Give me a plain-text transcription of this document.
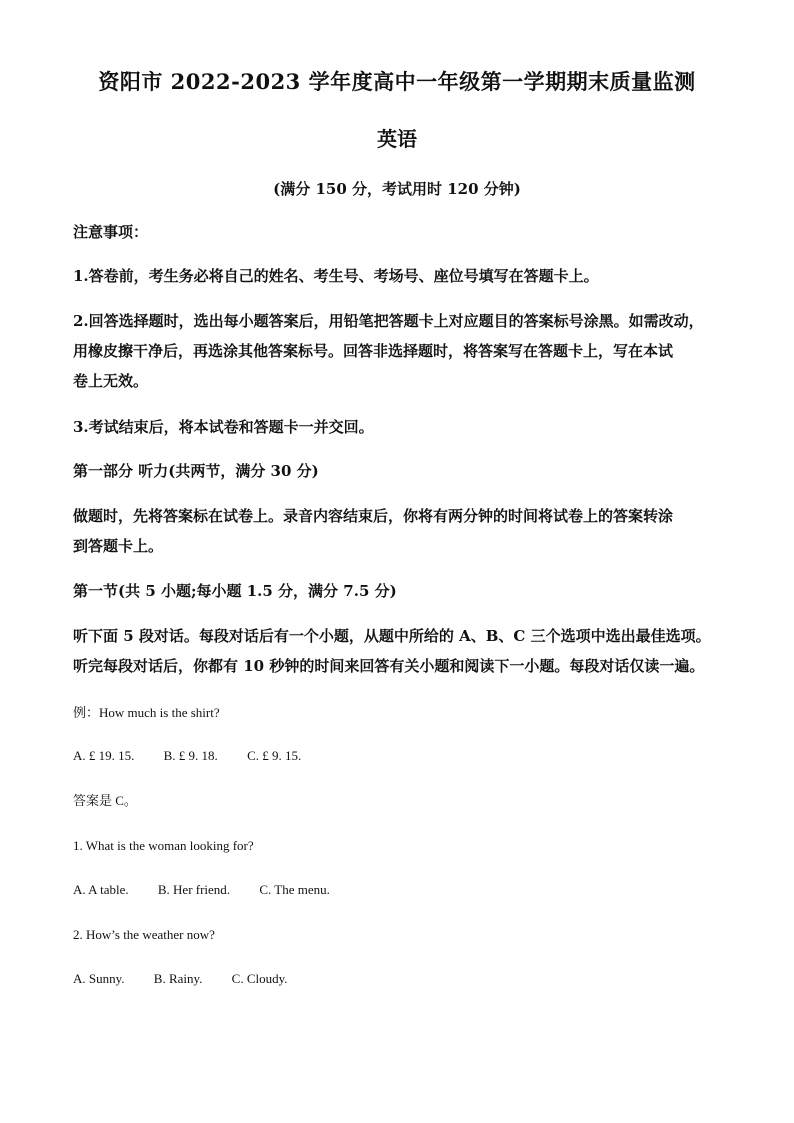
资阳市 2022-2023 学年度高中一年级第一学期期末质量监测
英语
(满分 150 分，考试用时 120 分钟)
注意事项：
1.答卷前，考生务必将自己的姓名、考生号、考场号、座位号填写在答题卡上。
2.回答选择题时，选出每小题答案后，用铅笔把答题卡上对应题目的答案标号涂黑。如需改动，
用橡皮擦干净后，再选涂其他答案标号。回答非选择题时，将答案写在答题卡上，写在本试
卷上无效。
3.考试结束后，将本试卷和答题卡一并交回。
第一部分 听力(共两节，满分 30 分)
做题时，先将答案标在试卷上。录音内容结束后，你将有两分钟的时间将试卷上的答案转涂
到答题卡上。
第一节(共 5 小题;每小题 1.5 分，满分 7.5 分)
听下面 5 段对话。每段对话后有一个小题，从题中所给的 A、B、C 三个选项中选出最佳选项。
听完每段对话后，你都有 10 秒钟的时间来回答有关小题和阅读下一小题。每段对话仅读一遍。
例：How much is the shirt?
A. £ 19. 15. B. £ 9. 18. C. £ 9. 15.
答案是 C。
1. What is the woman looking for?
A. A table. B. Her friend. C. The menu.
2. How’s the weather now?
A. Sunny. B. Rainy. C. Cloudy.
